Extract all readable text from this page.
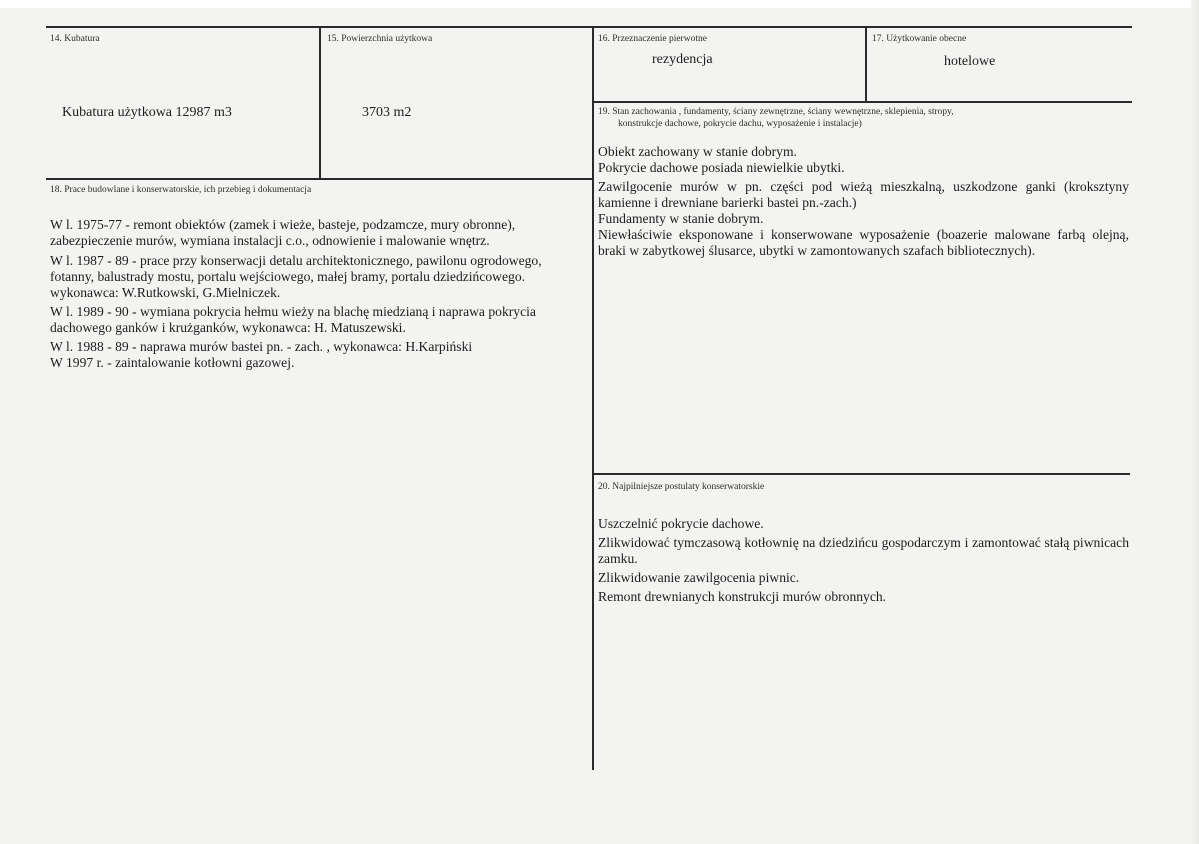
14. Kubatura
Kubatura użytkowa 12987 m3
15. Powierzchnia użytkowa
3703 m2
16. Przeznaczenie pierwotne
rezydencja
17. Użytkowanie obecne
hotelowe
18. Prace budowlane i konserwatorskie, ich przebieg i dokumentacja

W l. 1975-77 - remont obiektów (zamek i wieże, basteje, podzamcze, mury obronne), zabezpieczenie murów, wymiana instalacji c.o., odnowienie i malowanie wnętrz.

W l. 1987 - 89 - prace przy konserwacji detalu architektonicznego, pawilonu ogrodowego, fotanny, balustrady mostu, portalu wejściowego, małej bramy, portalu dziedzińcowego. wykonawca: W.Rutkowski, G.Mielniczek.

W l. 1989 - 90 - wymiana pokrycia hełmu wieży na blachę miedzianą i naprawa pokrycia dachowego ganków i krużganków, wykonawca: H. Matuszewski.

W l. 1988 - 89 - naprawa murów bastei pn. - zach. , wykonawca: H.Karpiński

W 1997 r. - zaintalowanie kotłowni gazowej.

19. Stan zachowania , fundamenty, ściany zewnętrzne, ściany wewnętrzne, sklepienia, stropy,
konstrukcje dachowe, pokrycie dachu, wyposażenie i instalacje)

Obiekt zachowany w stanie dobrym.

Pokrycie dachowe posiada niewielkie ubytki.

Zawilgocenie murów w pn. części pod wieżą mieszkalną, uszkodzone ganki (kroksztyny kamienne i drewniane barierki bastei pn.-zach.)

Fundamenty w stanie dobrym.

Niewłaściwie eksponowane i konserwowane wyposażenie (boazerie malowane farbą olejną, braki w zabytkowej ślusarce, ubytki w zamontowanych szafach bibliotecznych).

20. Najpilniejsze postulaty konserwatorskie

Uszczelnić pokrycie dachowe.

Zlikwidować tymczasową kotłownię na dziedzińcu gospodarczym i zamontować stałą piwnicach zamku.

Zlikwidowanie zawilgocenia piwnic.

Remont drewnianych konstrukcji murów obronnych.
